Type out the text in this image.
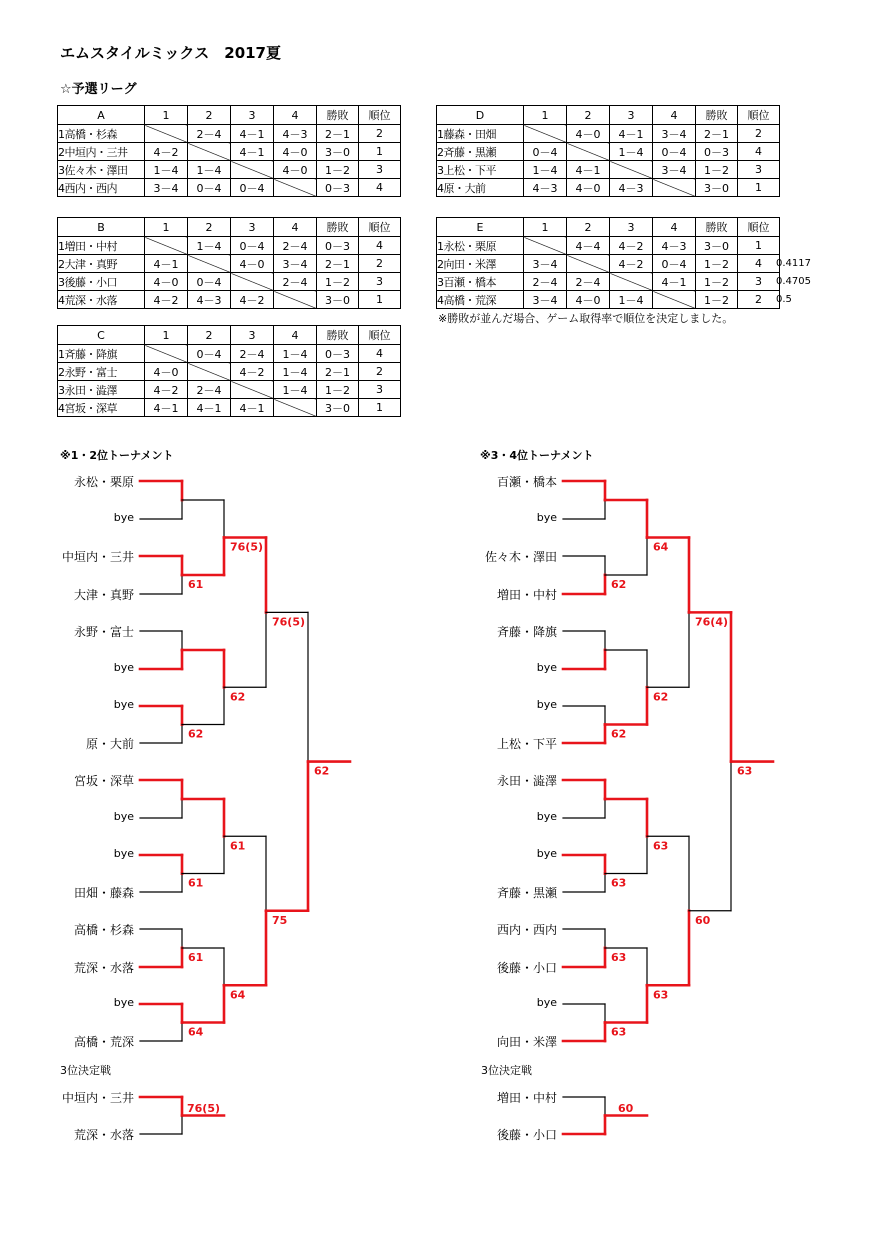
エムスタイルミックス　2017夏
☆予選リーグ
A	1	2	3	4	勝敗	順位
1高橋・杉森		2－4	4－1	4－3	2－1	2
2中垣内・三井	4－2		4－1	4－0	3－0	1
3佐々木・澤田	1－4	1－4		4－0	1－2	3
4西内・西内	3－4	0－4	0－4		0－3	4
B	1	2	3	4	勝敗	順位
1増田・中村		1－4	0－4	2－4	0－3	4
2大津・真野	4－1		4－0	3－4	2－1	2
3後藤・小口	4－0	0－4		2－4	1－2	3
4荒深・水落	4－2	4－3	4－2		3－0	1
C	1	2	3	4	勝敗	順位
1斉藤・降旗		0－4	2－4	1－4	0－3	4
2永野・富士	4－0		4－2	1－4	2－1	2
3永田・澁澤	4－2	2－4		1－4	1－2	3
4宮坂・深草	4－1	4－1	4－1		3－0	1
D	1	2	3	4	勝敗	順位
1藤森・田畑		4－0	4－1	3－4	2－1	2
2斉藤・黒瀬	0－4		1－4	0－4	0－3	4
3上松・下平	1－4	4－1		3－4	1－2	3
4原・大前	4－3	4－0	4－3		3－0	1
E	1	2	3	4	勝敗	順位
1永松・栗原		4－4	4－2	4－3	3－0	1
2向田・米澤	3－4		4－2	0－4	1－2	4
3百瀬・橋本	2－4	2－4		4－1	1－2	3
4高橋・荒深	3－4	4－0	1－4		1－2	2
0.4117
0.4705
0.5
※勝敗が並んだ場合、ゲーム取得率で順位を決定しました。
※1・2位トーナメント	※3・4位トーナメント
3位決定戦	3位決定戦
永松・栗原
bye
中垣内・三井
大津・真野
永野・富士
bye
bye
原・大前
宮坂・深草
bye
bye
田畑・藤森
高橋・杉森
荒深・水落
bye
高橋・荒深
百瀬・橋本
bye
佐々木・澤田
増田・中村
斉藤・降旗
bye
bye
上松・下平
永田・澁澤
bye
bye
斉藤・黒瀬
西内・西内
後藤・小口
bye
向田・米澤
中垣内・三井
荒深・水落
増田・中村
後藤・小口
61
62
61
61
64
76(5)
62
61
64
76(5)
75
62
62
62
63
63
63
64
62
63
63
76(4)
60
63
76(5)	60
